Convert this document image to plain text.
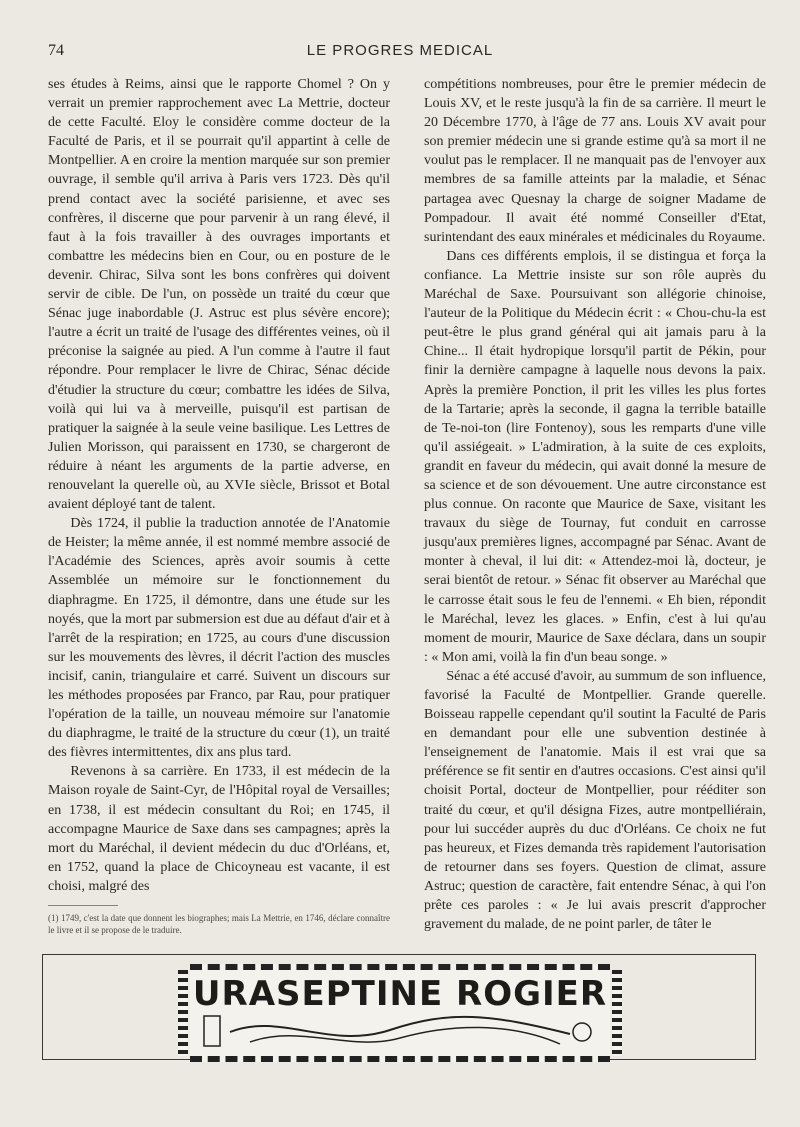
74	LE PROGRES MEDICAL

ses études à Reims, ainsi que le rapporte Chomel ? On y verrait un premier rapprochement avec La Mettrie, docteur de cette Faculté. Eloy le considère comme docteur de la Faculté de Paris, et il se pourrait qu'il appartint à celle de Montpellier. A en croire la mention marquée sur son premier ouvrage, il semble qu'il arriva à Paris vers 1723. Dès qu'il prend contact avec la société parisienne, et avec ses confrères, il discerne que pour parvenir à un rang élevé, il faut à la fois travailler à des ouvrages importants et combattre les médecins bien en Cour, ou en posture de le devenir. Chirac, Silva sont les bons confrères qui doivent servir de cible. De l'un, on possède un traité du cœur que Sénac juge inabordable (J. Astruc est plus sévère encore); l'autre a écrit un traité de l'usage des différentes veines, où il préconise la saignée au pied. A l'un comme à l'autre il faut répondre. Pour remplacer le livre de Chirac, Sénac décide d'étudier la structure du cœur; combattre les idées de Silva, voilà qui lui va à merveille, puisqu'il est partisan de pratiquer la saignée à la seule veine basilique. Les Lettres de Julien Morisson, qui paraissent en 1730, se chargeront de réduire à néant les arguments de la partie adverse, en renouvelant la querelle où, au XVIe siècle, Brissot et Botal avaient déployé tant de talent.

Dès 1724, il publie la traduction annotée de l'Anatomie de Heister; la même année, il est nommé membre associé de l'Académie des Sciences, après avoir soumis à cette Assemblée un mémoire sur le fonctionnement du diaphragme. En 1725, il démontre, dans une étude sur les noyés, que la mort par submersion est due au défaut d'air et à l'arrêt de la respiration; en 1725, au cours d'une discussion sur les mouvements des lèvres, il décrit l'action des muscles incisif, canin, triangulaire et carré. Suivent un discours sur les méthodes proposées par Franco, par Rau, pour pratiquer l'opération de la taille, un nouveau mémoire sur l'anatomie du diaphragme, le traité de la structure du cœur (1), un traité des fièvres intermittentes, dix ans plus tard.

Revenons à sa carrière. En 1733, il est médecin de la Maison royale de Saint-Cyr, de l'Hôpital royal de Versailles; en 1738, il est médecin consultant du Roi; en 1745, il accompagne Maurice de Saxe dans ses campagnes; après la mort du Maréchal, il devient médecin du duc d'Orléans, et, en 1752, quand la place de Chicoyneau est vacante, il est choisi, malgré des

compétitions nombreuses, pour être le premier médecin de Louis XV, et le reste jusqu'à la fin de sa carrière. Il meurt le 20 Décembre 1770, à l'âge de 77 ans. Louis XV avait pour son premier médecin une si grande estime qu'à sa mort il ne voulut pas le remplacer. Il ne manquait pas de l'envoyer aux membres de sa famille atteints par la maladie, et Sénac partagea avec Quesnay la charge de soigner Madame de Pompadour. Il avait été nommé Conseiller d'Etat, surintendant des eaux minérales et médicinales du Royaume.

Dans ces différents emplois, il se distingua et força la confiance. La Mettrie insiste sur son rôle auprès du Maréchal de Saxe. Poursuivant son allégorie chinoise, l'auteur de la Politique du Médecin écrit : « Chou-chu-la est peut-être le plus grand général qui ait jamais paru à la Chine... Il était hydropique lorsqu'il partit de Pékin, pour finir la dernière campagne à laquelle nous devons la paix. Après la première Ponction, il prit les villes les plus fortes de la Tartarie; après la seconde, il gagna la terrible bataille de Te-noi-ton (lire Fontenoy), sous les remparts d'une ville qu'il assiégeait. » L'admiration, à la suite de ces exploits, grandit en faveur du médecin, qui avait donné la mesure de sa science et de son dévouement. Une autre circonstance est plus connue. On raconte que Maurice de Saxe, visitant les travaux du siège de Tournay, fut conduit en carrosse jusqu'aux premières lignes, accompagné par Sénac. Avant de monter à cheval, il lui dit: « Attendez-moi là, docteur, je serai bientôt de retour. » Sénac fit observer au Maréchal que le carrosse était sous le feu de l'ennemi. « Eh bien, répondit le Maréchal, levez les glaces. » Enfin, c'est à lui qu'au moment de mourir, Maurice de Saxe déclara, dans un soupir : « Mon ami, voilà la fin d'un beau songe. »

Sénac a été accusé d'avoir, au summum de son influence, favorisé la Faculté de Montpellier. Grande querelle. Boisseau rappelle cependant qu'il soutint la Faculté de Paris en demandant pour elle une subvention destinée à l'enseignement de l'anatomie. Mais il est vrai que sa préférence se fit sentir en d'autres occasions. C'est ainsi qu'il choisit Portal, docteur de Montpellier, pour rééditer son traité du cœur, et qu'il désigna Fizes, autre montpelliérain, pour lui succéder auprès du duc d'Orléans. Ce choix ne fut pas heureux, et Fizes demanda très rapidement l'autorisation de retourner dans ses foyers. Question de climat, assure Astruc; question de caractère, fait entendre Sénac, à qui l'on prête ces paroles : « Je lui avais prescrit d'approcher gravement du malade, de ne point parler, de tâter le

(1) 1749, c'est la date que donnent les biographes; mais La Mettrie, en 1746, déclare connaître le livre et il se propose de le traduire.
URASEPTINE ROGIER
